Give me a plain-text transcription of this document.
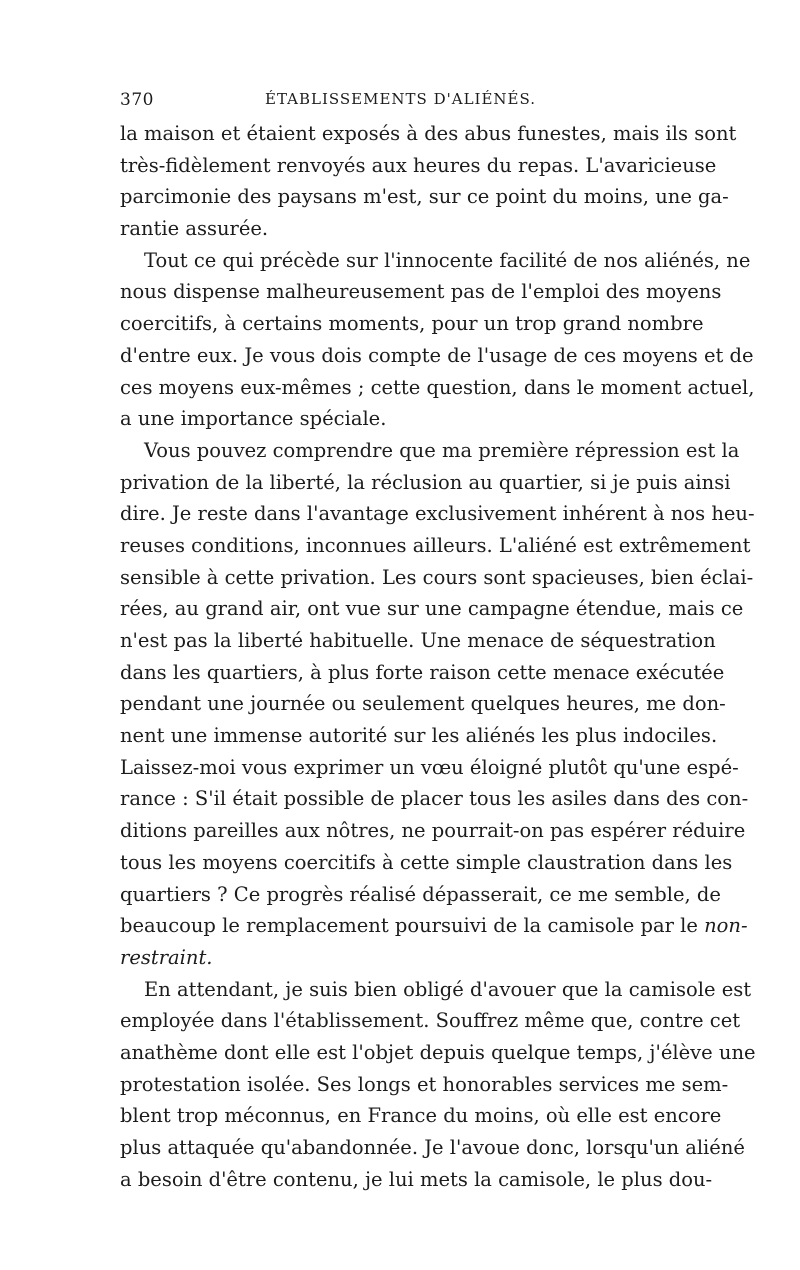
370	ÉTABLISSEMENTS D'ALIÉNÉS.
la maison et étaient exposés à des abus funestes, mais ils sont
très-fidèlement renvoyés aux heures du repas. L'avaricieuse
parcimonie des paysans m'est, sur ce point du moins, une ga-
rantie assurée.
Tout ce qui précède sur l'innocente facilité de nos aliénés, ne
nous dispense malheureusement pas de l'emploi des moyens
coercitifs, à certains moments, pour un trop grand nombre
d'entre eux. Je vous dois compte de l'usage de ces moyens et de
ces moyens eux-mêmes ; cette question, dans le moment actuel,
a une importance spéciale.
Vous pouvez comprendre que ma première répression est la
privation de la liberté, la réclusion au quartier, si je puis ainsi
dire. Je reste dans l'avantage exclusivement inhérent à nos heu-
reuses conditions, inconnues ailleurs. L'aliéné est extrêmement
sensible à cette privation. Les cours sont spacieuses, bien éclai-
rées, au grand air, ont vue sur une campagne étendue, mais ce
n'est pas la liberté habituelle. Une menace de séquestration
dans les quartiers, à plus forte raison cette menace exécutée
pendant une journée ou seulement quelques heures, me don-
nent une immense autorité sur les aliénés les plus indociles.
Laissez-moi vous exprimer un vœu éloigné plutôt qu'une espé-
rance : S'il était possible de placer tous les asiles dans des con-
ditions pareilles aux nôtres, ne pourrait-on pas espérer réduire
tous les moyens coercitifs à cette simple claustration dans les
quartiers ? Ce progrès réalisé dépasserait, ce me semble, de
beaucoup le remplacement poursuivi de la camisole par le non-
restraint.
En attendant, je suis bien obligé d'avouer que la camisole est
employée dans l'établissement. Souffrez même que, contre cet
anathème dont elle est l'objet depuis quelque temps, j'élève une
protestation isolée. Ses longs et honorables services me sem-
blent trop méconnus, en France du moins, où elle est encore
plus attaquée qu'abandonnée. Je l'avoue donc, lorsqu'un aliéné
a besoin d'être contenu, je lui mets la camisole, le plus dou-
